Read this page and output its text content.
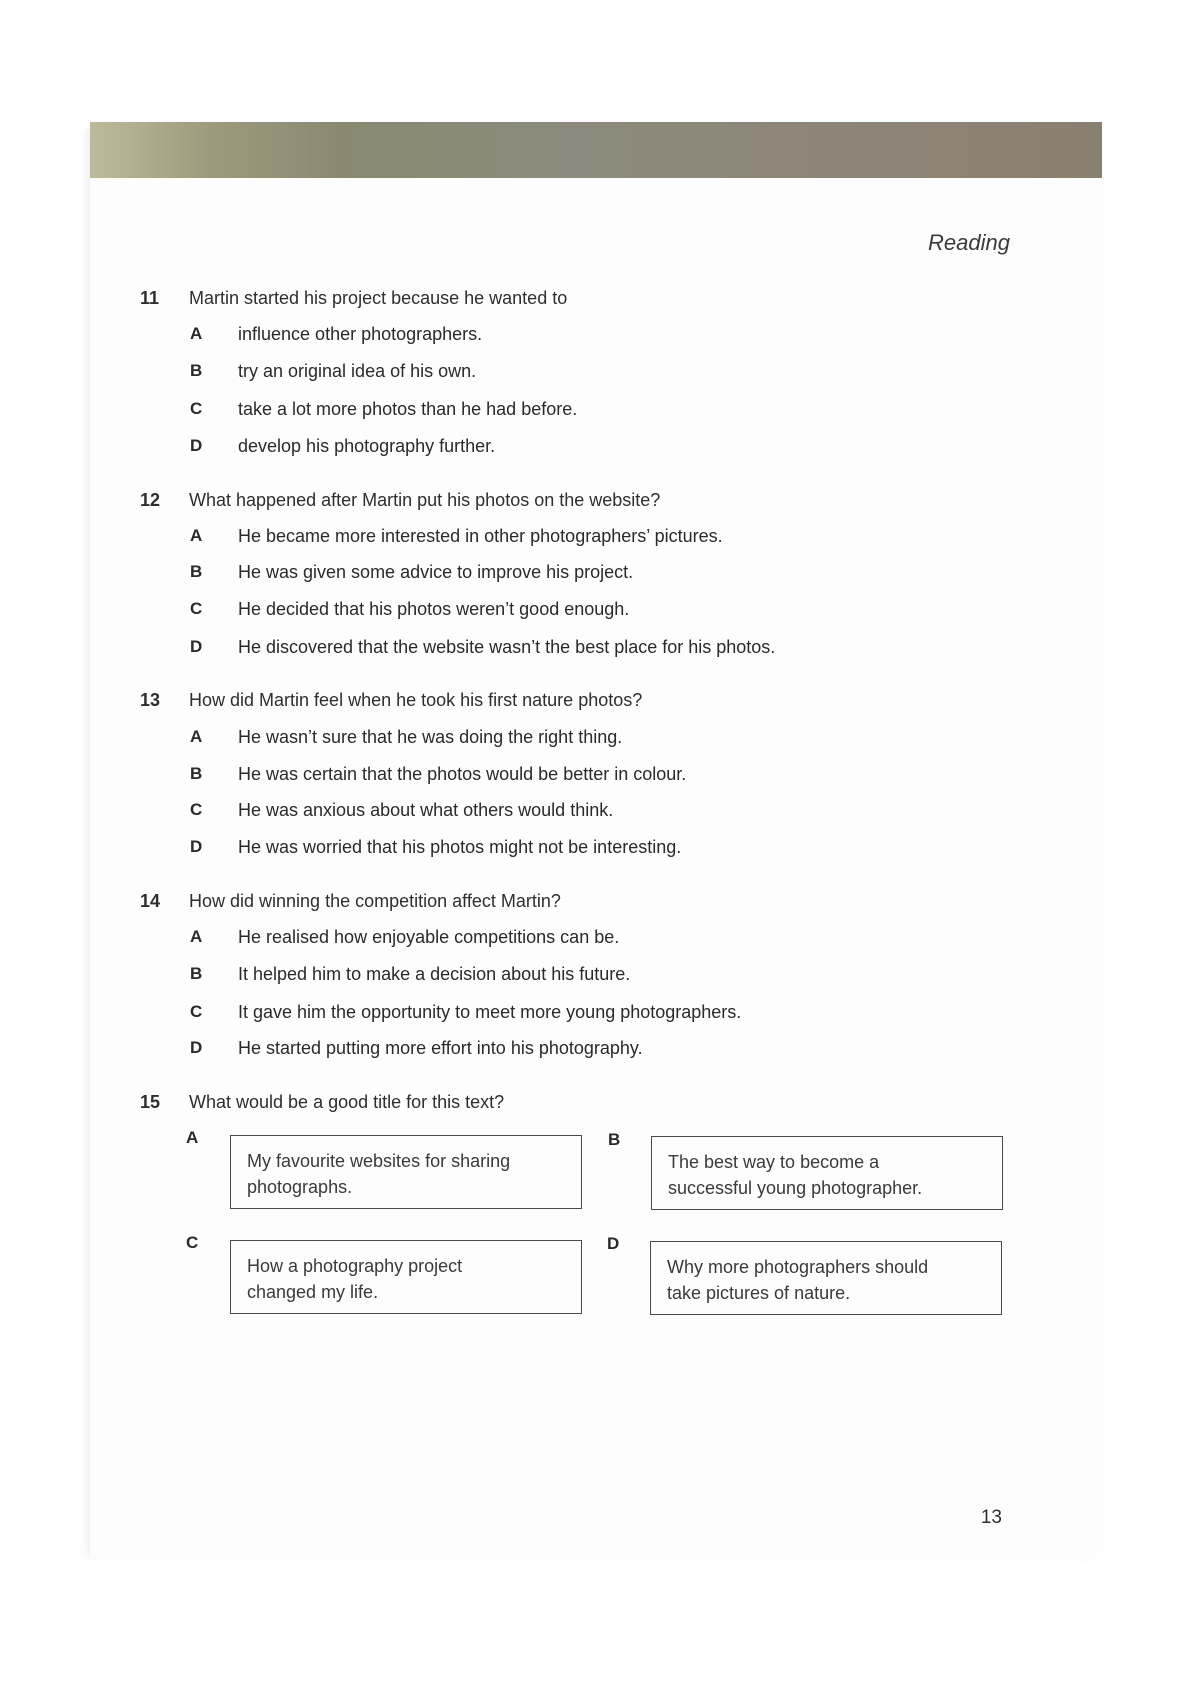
Reading
11 Martin started his project because he wanted to
A influence other photographers.
B try an original idea of his own.
C take a lot more photos than he had before.
D develop his photography further.
12 What happened after Martin put his photos on the website?
A He became more interested in other photographers’ pictures.
B He was given some advice to improve his project.
C He decided that his photos weren’t good enough.
D He discovered that the website wasn’t the best place for his photos.
13 How did Martin feel when he took his first nature photos?
A He wasn’t sure that he was doing the right thing.
B He was certain that the photos would be better in colour.
C He was anxious about what others would think.
D He was worried that his photos might not be interesting.
14 How did winning the competition affect Martin?
A He realised how enjoyable competitions can be.
B It helped him to make a decision about his future.
C It gave him the opportunity to meet more young photographers.
D He started putting more effort into his photography.
15 What would be a good title for this text?
A
My favourite websites for sharing
photographs.
B
The best way to become a
successful young photographer.
C
How a photography project
changed my life.
D
Why more photographers should
take pictures of nature.
13
